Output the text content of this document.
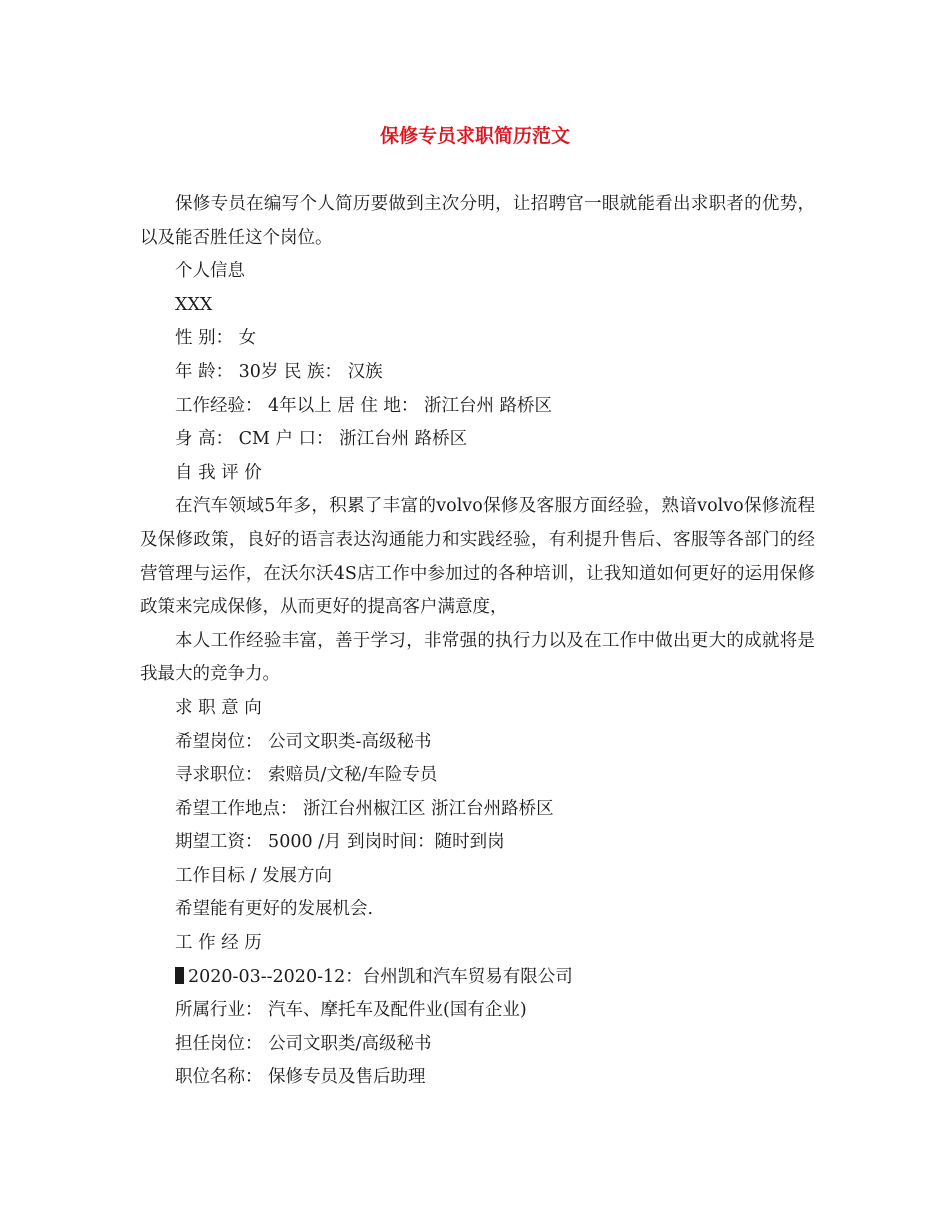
保修专员求职简历范文

保修专员在编写个人简历要做到主次分明，让招聘官一眼就能看出求职者的优势，以及能否胜任这个岗位。

个人信息

XXX

性 别： 女

年 龄： 30岁 民 族： 汉族

工作经验： 4年以上 居 住 地： 浙江台州 路桥区

身 高： CM 户 口： 浙江台州 路桥区

自 我 评 价

在汽车领域5年多，积累了丰富的volvo保修及客服方面经验，熟谙volvo保修流程及保修政策，良好的语言表达沟通能力和实践经验，有利提升售后、客服等各部门的经营管理与运作，在沃尔沃4S店工作中参加过的各种培训，让我知道如何更好的运用保修政策来完成保修，从而更好的提高客户满意度，

本人工作经验丰富，善于学习，非常强的执行力以及在工作中做出更大的成就将是我最大的竞争力。

求 职 意 向

希望岗位： 公司文职类-高级秘书

寻求职位： 索赔员/文秘/车险专员

希望工作地点： 浙江台州椒江区 浙江台州路桥区

期望工资： 5000 /月 到岗时间：随时到岗

工作目标 / 发展方向

希望能有更好的发展机会.

工 作 经 历

2020-03--2020-12：台州凯和汽车贸易有限公司

所属行业： 汽车、摩托车及配件业(国有企业)

担任岗位： 公司文职类/高级秘书

职位名称： 保修专员及售后助理
